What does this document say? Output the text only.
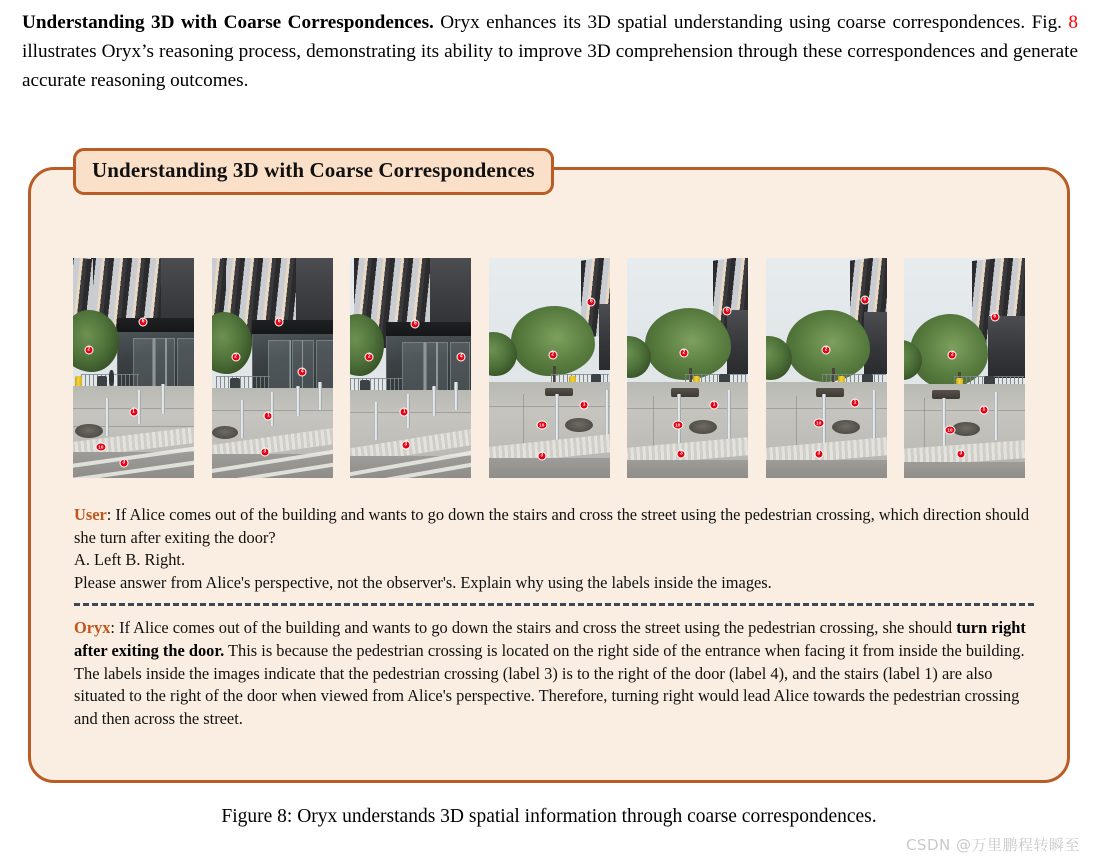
Understanding 3D with Coarse Correspondences. Oryx enhances its 3D spatial understanding using coarse correspondences. Fig. 8 illustrates Oryx’s reasoning process, demonstrating its ability to improve 3D comprehension through these correspondences and generate accurate reasoning outcomes.
Understanding 3D with Coarse Correspondences
6
2
1
10
3
6
2
4
1
3
6
2	4
1
3
6
2
1
10
3
6
2
1
10
3
6
2
1
10
3
6
2
1
10
3
User: If Alice comes out of the building and wants to go down the stairs and cross the street using the pedestrian crossing, which direction should she turn after exiting the door?
A. Left B. Right.
Please answer from Alice's perspective, not the observer's. Explain why using the labels inside the images.
Oryx: If Alice comes out of the building and wants to go down the stairs and cross the street using the pedestrian crossing, she should turn right after exiting the door. This is because the pedestrian crossing is located on the right side of the entrance when facing it from inside the building. The labels inside the images indicate that the pedestrian crossing (label 3) is to the right of the door (label 4), and the stairs (label 1) are also situated to the right of the door when viewed from Alice's perspective. Therefore, turning right would lead Alice towards the pedestrian crossing and then across the street.
Figure 8: Oryx understands 3D spatial information through coarse correspondences.
CSDN @万里鹏程转瞬至
